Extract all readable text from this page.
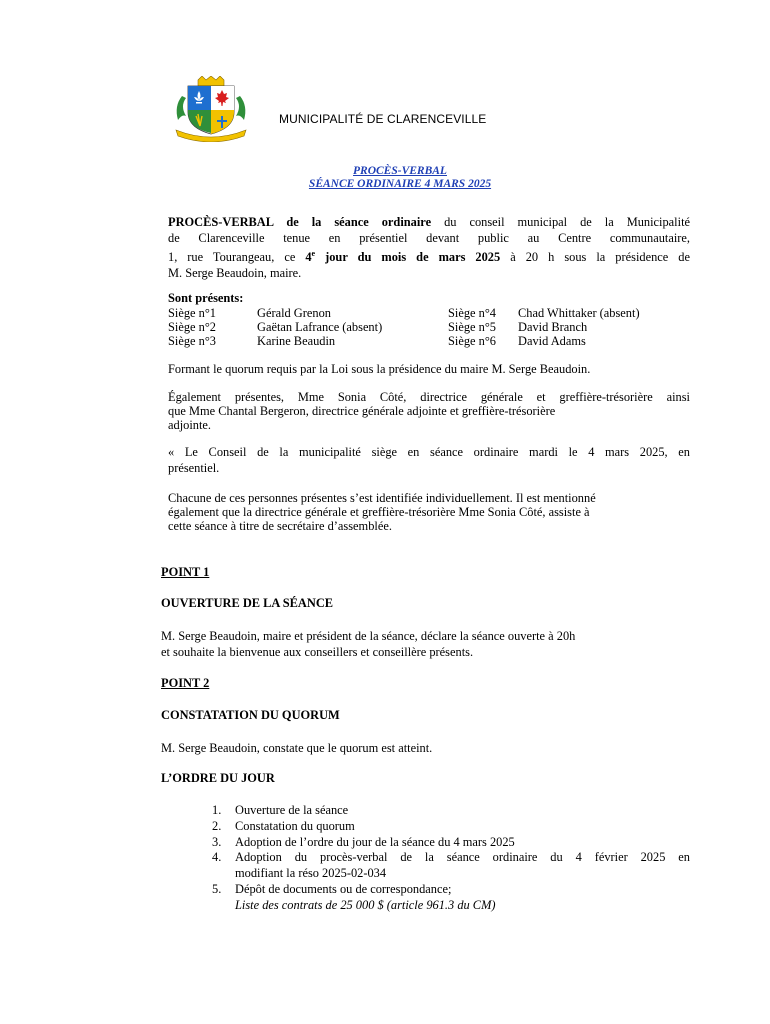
MUNICIPALITÉ DE CLARENCEVILLE
PROCÈS-VERBAL
SÉANCE ORDINAIRE 4 MARS 2025
PROCÈS-VERBAL de la séance ordinaire du conseil municipal de la Municipalité
de Clarenceville tenue en présentiel devant public au Centre communautaire,
1, rue Tourangeau, ce 4e jour du mois de mars 2025 à 20 h sous la présidence de
M. Serge Beaudoin, maire.
Sont présents:
Siège n°1	Gérald Grenon	Siège n°4 Chad Whittaker (absent)
Siège n°2	Gaëtan Lafrance (absent)	Siège n°5 David Branch
Siège n°3	Karine Beaudin	Siège n°6 David Adams
Formant le quorum requis par la Loi sous la présidence du maire M. Serge Beaudoin.
Également présentes, Mme Sonia Côté, directrice générale et greffière-trésorière ainsi
que Mme Chantal Bergeron, directrice générale adjointe et greffière-trésorière
adjointe.
« Le Conseil de la municipalité siège en séance ordinaire mardi le 4 mars 2025, en
présentiel.
Chacune de ces personnes présentes s’est identifiée individuellement. Il est mentionné
également que la directrice générale et greffière-trésorière Mme Sonia Côté, assiste à
cette séance à titre de secrétaire d’assemblée.
POINT 1
OUVERTURE DE LA SÉANCE
M. Serge Beaudoin, maire et président de la séance, déclare la séance ouverte à 20h
et souhaite la bienvenue aux conseillers et conseillère présents.
POINT 2
CONSTATATION DU QUORUM
M. Serge Beaudoin, constate que le quorum est atteint.
L’ORDRE DU JOUR
1. Ouverture de la séance
2. Constatation du quorum
3. Adoption de l’ordre du jour de la séance du 4 mars 2025
4. Adoption du procès-verbal de la séance ordinaire du 4 février 2025 en
modifiant la réso 2025-02-034
5. Dépôt de documents ou de correspondance;
Liste des contrats de 25 000 $ (article 961.3 du CM)
